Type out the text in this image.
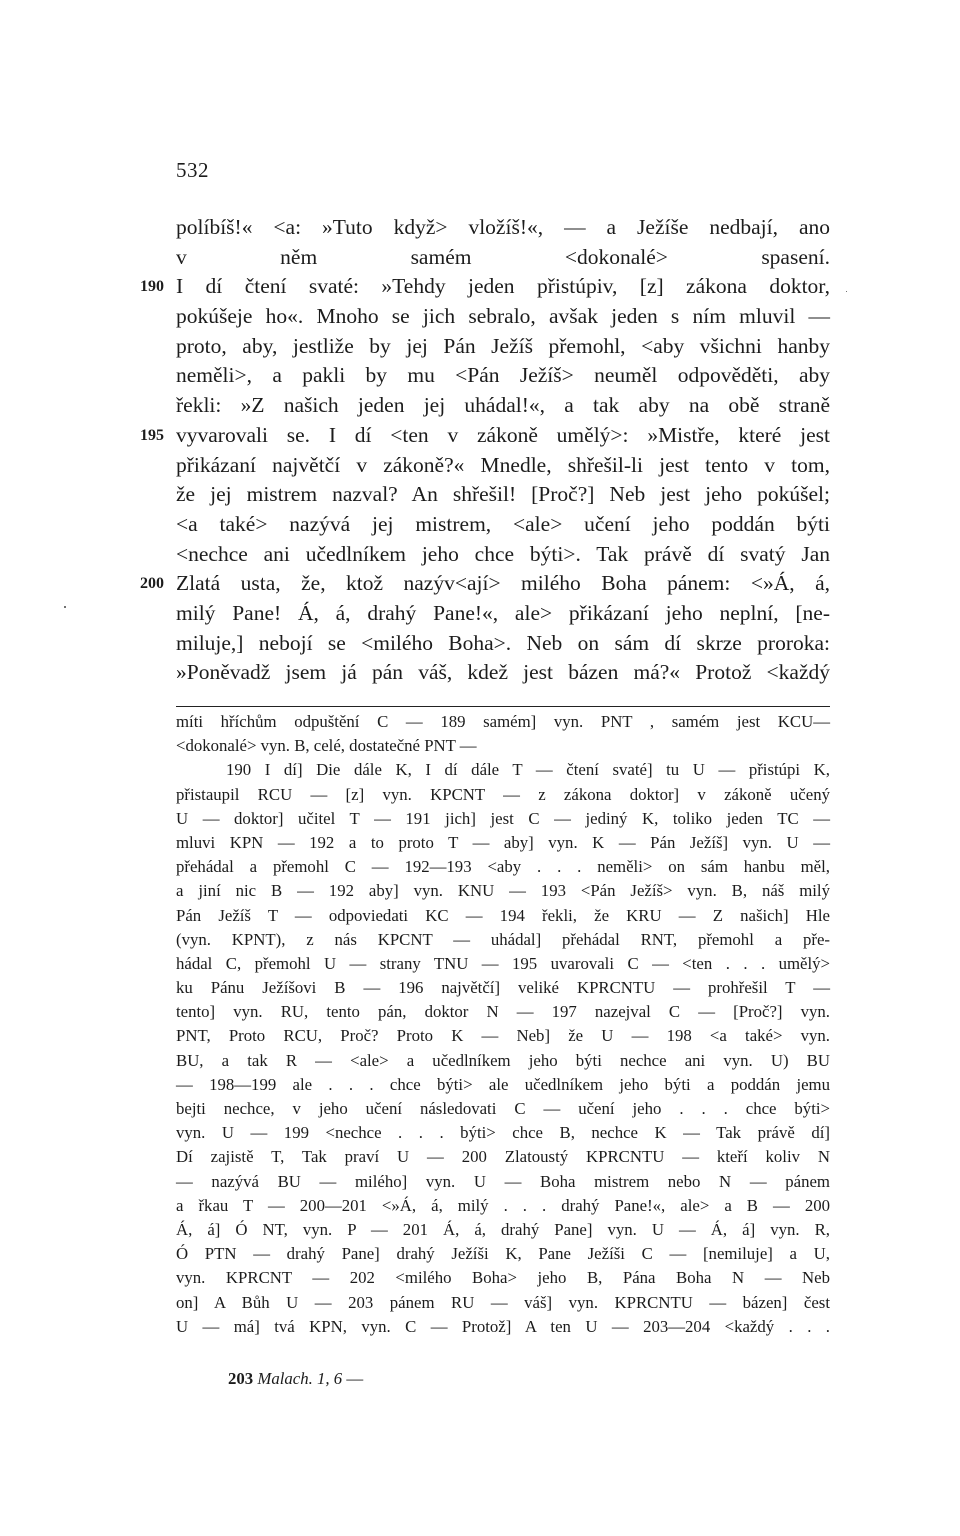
532
políbíš!« <a: »Tuto když> vložíš!«, — a Ježíše nedbají, ano
v něm samém <dokonalé> spasení.
190 I dí čtení svaté: »Tehdy jeden přistúpiv, [z] zákona doktor,
pokúšeje ho«. Mnoho se jich sebralo, avšak jeden s ním mluvil —
proto, aby, jestliže by jej Pán Ježíš přemohl, <aby všichni hanby
neměli>, a pakli by mu <Pán Ježíš> neuměl odpověděti, aby
řekli: »Z našich jeden jej uhádal!«, a tak aby na obě straně
195 vyvarovali se. I dí <ten v zákoně umělý>: »Mistře, které jest
přikázaní najvětčí v zákoně?« Mnedle, shřešil-li jest tento v tom,
že jej mistrem nazval? An shřešil! [Proč?] Neb jest jeho pokúšel;
<a také> nazývá jej mistrem, <ale> učení jeho poddán býti
<nechce ani učedlníkem jeho chce býti>. Tak právě dí svatý Jan
200 Zlatá usta, že, ktož nazýv<ají> milého Boha pánem: <»Á, á,
milý Pane! Á, á, drahý Pane!«, ale> přikázaní jeho neplní, [ne-
miluje,] nebojí se <milého Boha>. Neb on sám dí skrze proroka:
»Poněvadž jsem já pán váš, kdež jest bázen má?« Protož <každý
míti hříchům odpuštění C — 189 samém] vyn. PNT , samém jest KCU—
<dokonalé> vyn. B, celé, dostatečné PNT —
190 I dí] Die dále K, I dí dále T — čtení svaté] tu U — přistúpi K,
přistaupil RCU — [z] vyn. KPCNT — z zákona doktor] v zákoně učený
U — doktor] učitel T — 191 jich] jest C — jediný K, toliko jeden TC —
mluvi KPN — 192 a to proto T — aby] vyn. K — Pán Ježíš] vyn. U —
přehádal a přemohl C — 192—193 <aby . . . neměli> on sám hanbu měl,
a jiní nic B — 192 aby] vyn. KNU — 193 <Pán Ježíš> vyn. B, náš milý
Pán Ježíš T — odpoviedati KC — 194 řekli, že KRU — Z našich] Hle
(vyn. KPNT), z nás KPCNT — uhádal] přehádal RNT, přemohl a pře-
hádal C, přemohl U — strany TNU — 195 uvarovali C — <ten . . . umělý>
ku Pánu Ježíšovi B — 196 najvětčí] veliké KPRCNTU — prohřešil T —
tento] vyn. RU, tento pán, doktor N — 197 nazejval C — [Proč?] vyn.
PNT, Proto RCU, Proč? Proto K — Neb] že U — 198 <a také> vyn.
BU, a tak R — <ale> a učedlníkem jeho býti nechce ani vyn. U) BU
— 198—199 ale . . . chce býti> ale učedlníkem jeho býti a poddán jemu
bejti nechce, v jeho učení následovati C — učení jeho . . . chce býti>
vyn. U — 199 <nechce . . . býti> chce B, nechce K — Tak právě dí]
Dí zajistě T, Tak praví U — 200 Zlatoustý KPRCNTU — kteří koliv N
— nazývá BU — milého] vyn. U — Boha mistrem nebo N — pánem
a řkau T — 200—201 <»Á, á, milý . . . drahý Pane!«, ale> a B — 200
Á, á] Ó NT, vyn. P — 201 Á, á, drahý Pane] vyn. U — Á, á] vyn. R,
Ó PTN — drahý Pane] drahý Ježíši K, Pane Ježíši C — [nemiluje] a U,
vyn. KPRCNT — 202 <milého Boha> jeho B, Pána Boha N — Neb
on] A Bůh U — 203 pánem RU — váš] vyn. KPRCNTU — bázen] čest
U — má] tvá KPN, vyn. C — Protož] A ten U — 203—204 <každý . . .
203 Malach. 1, 6 —
